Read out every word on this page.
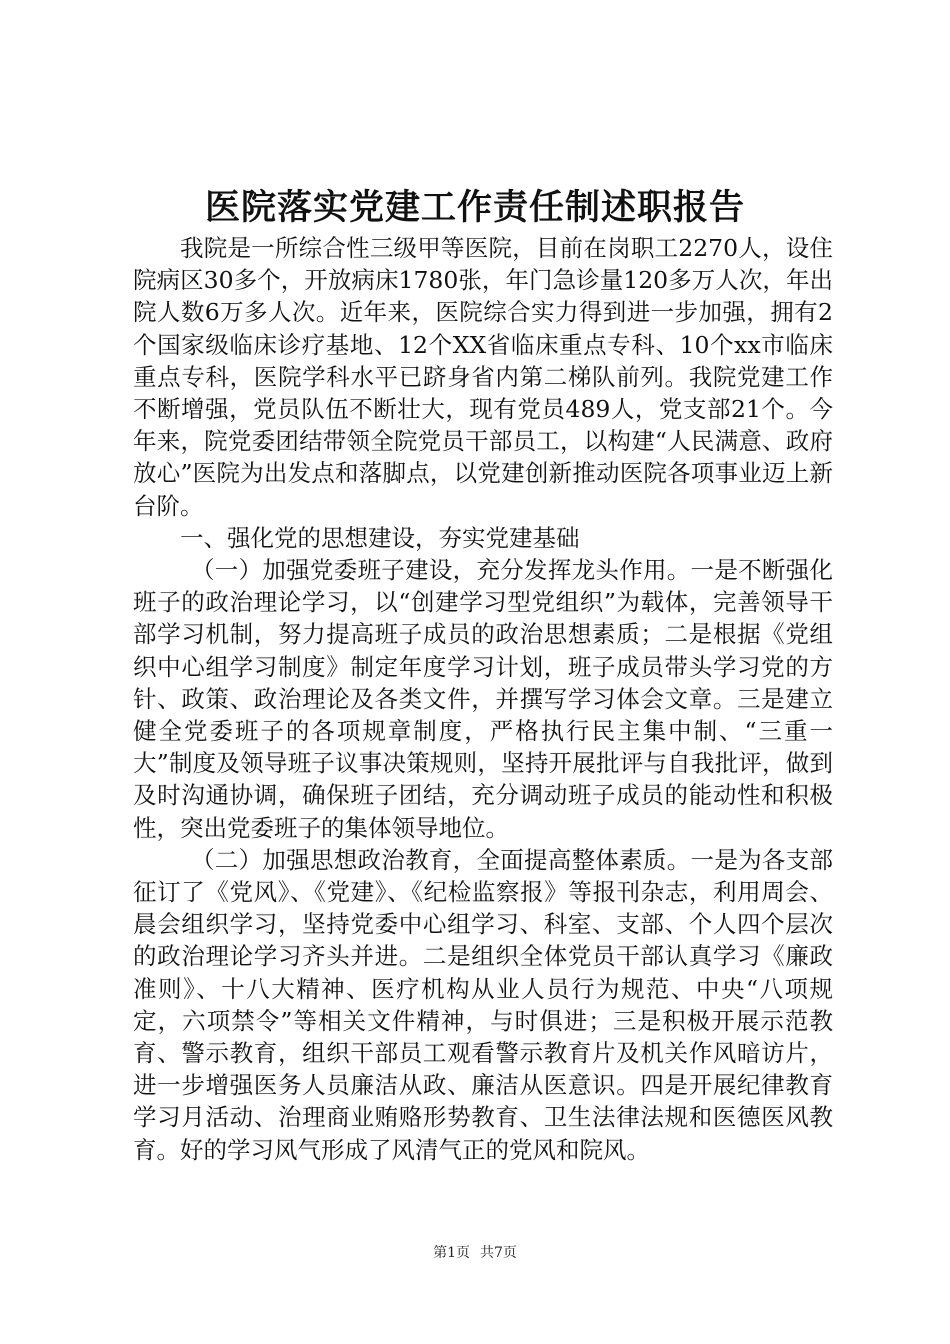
医院落实党建工作责任制述职报告

我院是一所综合性三级甲等医院，目前在岗职工2270人，设住院病区30多个，开放病床1780张，年门急诊量120多万人次，年出院人数6万多人次。近年来，医院综合实力得到进一步加强，拥有2个国家级临床诊疗基地、12个XX省临床重点专科、10个xx市临床重点专科，医院学科水平已跻身省内第二梯队前列。我院党建工作不断增强，党员队伍不断壮大，现有党员489人，党支部21个。今年来，院党委团结带领全院党员干部员工，以构建“人民满意、政府放心”医院为出发点和落脚点，以党建创新推动医院各项事业迈上新台阶。

一、强化党的思想建设，夯实党建基础

（一）加强党委班子建设，充分发挥龙头作用。一是不断强化班子的政治理论学习，以“创建学习型党组织”为载体，完善领导干部学习机制，努力提高班子成员的政治思想素质；二是根据《党组织中心组学习制度》制定年度学习计划，班子成员带头学习党的方针、政策、政治理论及各类文件，并撰写学习体会文章。三是建立健全党委班子的各项规章制度，严格执行民主集中制、“三重一大”制度及领导班子议事决策规则，坚持开展批评与自我批评，做到及时沟通协调，确保班子团结，充分调动班子成员的能动性和积极性，突出党委班子的集体领导地位。

（二）加强思想政治教育，全面提高整体素质。一是为各支部征订了《党风》、《党建》、《纪检监察报》等报刊杂志，利用周会、晨会组织学习，坚持党委中心组学习、科室、支部、个人四个层次的政治理论学习齐头并进。二是组织全体党员干部认真学习《廉政准则》、十八大精神、医疗机构从业人员行为规范、中央“八项规定，六项禁令”等相关文件精神，与时俱进；三是积极开展示范教育、警示教育，组织干部员工观看警示教育片及机关作风暗访片，进一步增强医务人员廉洁从政、廉洁从医意识。四是开展纪律教育学习月活动、治理商业贿赂形势教育、卫生法律法规和医德医风教育。好的学习风气形成了风清气正的党风和院风。

第1页 共7页
